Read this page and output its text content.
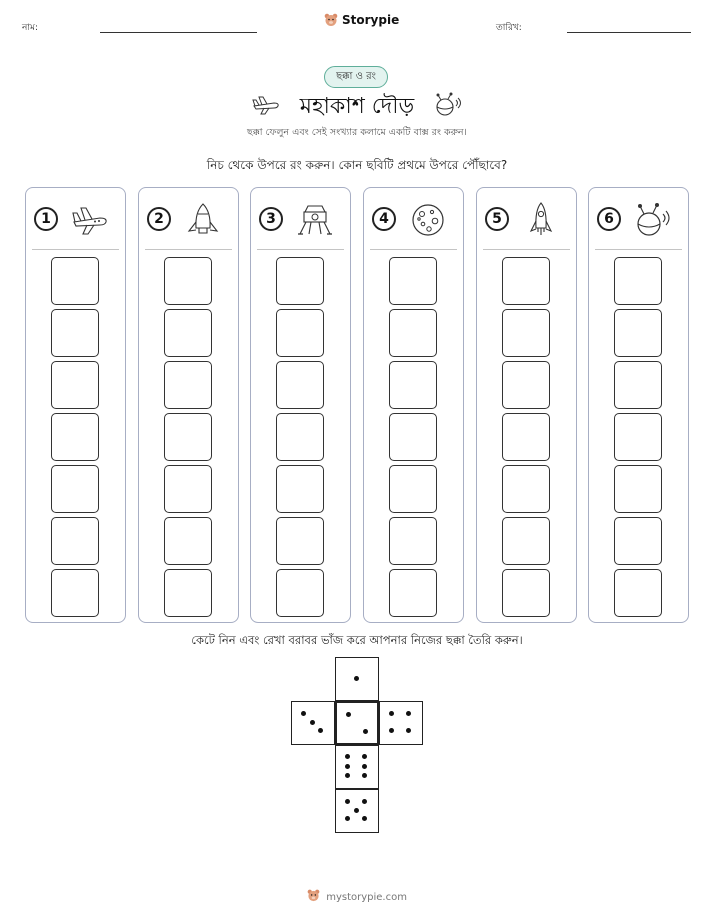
নাম:
Storypie
তারিখ:
ছক্কা ও রং
মহাকাশ দৌড়
ছক্কা ফেলুন এবং সেই সংখ্যার কলামে একটি বাক্স রং করুন।
নিচ থেকে উপরে রং করুন। কোন ছবিটি প্রথমে উপরে পৌঁছাবে?
1	2	3	4	5	6
কেটে নিন এবং রেখা বরাবর ভাঁজ করে আপনার নিজের ছক্কা তৈরি করুন।
mystorypie.com
